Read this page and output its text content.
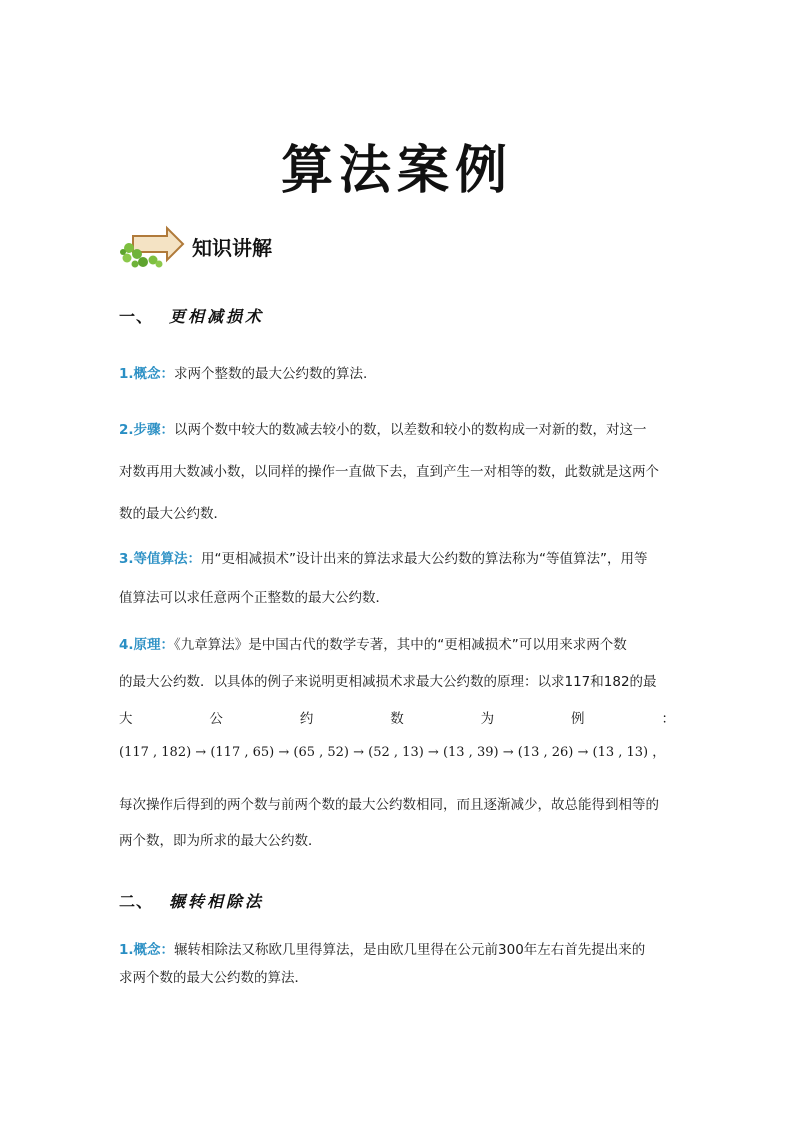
算法案例
知识讲解
一、 更相减损术
1.概念：求两个整数的最大公约数的算法.
2.步骤：以两个数中较大的数减去较小的数，以差数和较小的数构成一对新的数，对这一
对数再用大数减小数，以同样的操作一直做下去，直到产生一对相等的数，此数就是这两个
数的最大公约数．
3.等值算法：用“更相减损术”设计出来的算法求最大公约数的算法称为“等值算法”，用等
值算法可以求任意两个正整数的最大公约数．
4.原理：《九章算法》是中国古代的数学专著，其中的“更相减损术”可以用来求两个数
的最大公约数．以具体的例子来说明更相减损术求最大公约数的原理：以求117和182的最
大	公	约	数	为	例	：
(117 , 182) → (117 , 65) → (65 , 52) → (52 , 13) → (13 , 39) → (13 , 26) → (13 , 13) ，
每次操作后得到的两个数与前两个数的最大公约数相同，而且逐渐减少，故总能得到相等的
两个数，即为所求的最大公约数．
二、 辗转相除法
1.概念：辗转相除法又称欧几里得算法，是由欧几里得在公元前300年左右首先提出来的
求两个数的最大公约数的算法．
